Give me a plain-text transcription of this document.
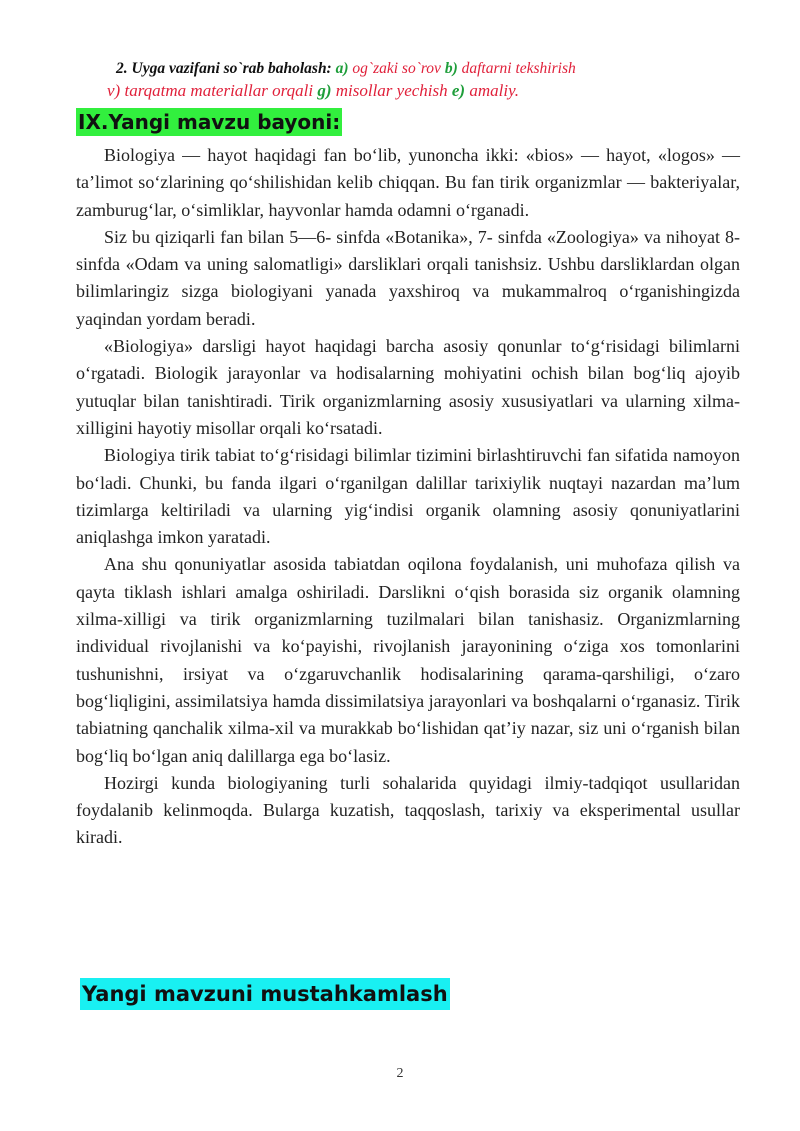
2. Uyga vazifani so`rab baholash: a) og`zaki so`rov b) daftarni tekshirish
v) tarqatma materiallar orqali g) misollar yechish e) amaliy.
IX.Yangi mavzu bayoni:

Biologiya — hayot haqidagi fan bo‘lib, yunoncha ikki: «bios» — hayot, «logos» — ta’limot so‘zlarining qo‘shilishidan kelib chiqqan. Bu fan tirik organizmlar — bakteriyalar, zamburug‘lar, o‘simliklar, hayvonlar hamda odamni o‘rganadi.

Siz bu qiziqarli fan bilan 5—6- sinfda «Botanika», 7- sinfda «Zoologiya» va nihoyat 8- sinfda «Odam va uning salomatligi» darsliklari orqali tanishsiz. Ushbu darsliklardan olgan bilimlaringiz sizga biologiyani yanada yaxshiroq va mukammalroq o‘rganishingizda yaqindan yordam beradi.

«Biologiya» darsligi hayot haqidagi barcha asosiy qonunlar to‘g‘risidagi bilimlarni o‘rgatadi. Biologik jarayonlar va hodisalarning mohiyatini ochish bilan bog‘liq ajoyib yutuqlar bilan tanishtiradi. Tirik organizmlarning asosiy xususiyatlari va ularning xilma-xilligini hayotiy misollar orqali ko‘rsatadi.

Biologiya tirik tabiat to‘g‘risidagi bilimlar tizimini birlashtiruvchi fan sifatida namoyon bo‘ladi. Chunki, bu fanda ilgari o‘rganilgan dalillar tarixiylik nuqtayi nazardan ma’lum tizimlarga keltiriladi va ularning yig‘indisi organik olamning asosiy qonuniyatlarini aniqlashga imkon yaratadi.

Ana shu qonuniyatlar asosida tabiatdan oqilona foydalanish, uni muhofaza qilish va qayta tiklash ishlari amalga oshiriladi. Darslikni o‘qish borasida siz organik olamning xilma-xilligi va tirik organizmlarning tuzilmalari bilan tanishasiz. Organizmlarning individual rivojlanishi va ko‘payishi, rivojlanish jarayonining o‘ziga xos tomonlarini tushunishni, irsiyat va o‘zgaruvchanlik hodisalarining qarama-qarshiligi, o‘zaro bog‘liqligini, assimilatsiya hamda dissimilatsiya jarayonlari va boshqalarni o‘rganasiz. Tirik tabiatning qanchalik xilma-xil va murakkab bo‘lishidan qat’iy nazar, siz uni o‘rganish bilan bog‘liq bo‘lgan aniq dalillarga ega bo‘lasiz.

Hozirgi kunda biologiyaning turli sohalarida quyidagi ilmiy-tadqiqot usullaridan foydalanib kelinmoqda. Bularga kuzatish, taqqoslash, tarixiy va eksperimental usullar kiradi.

Yangi mavzuni mustahkamlash
2
